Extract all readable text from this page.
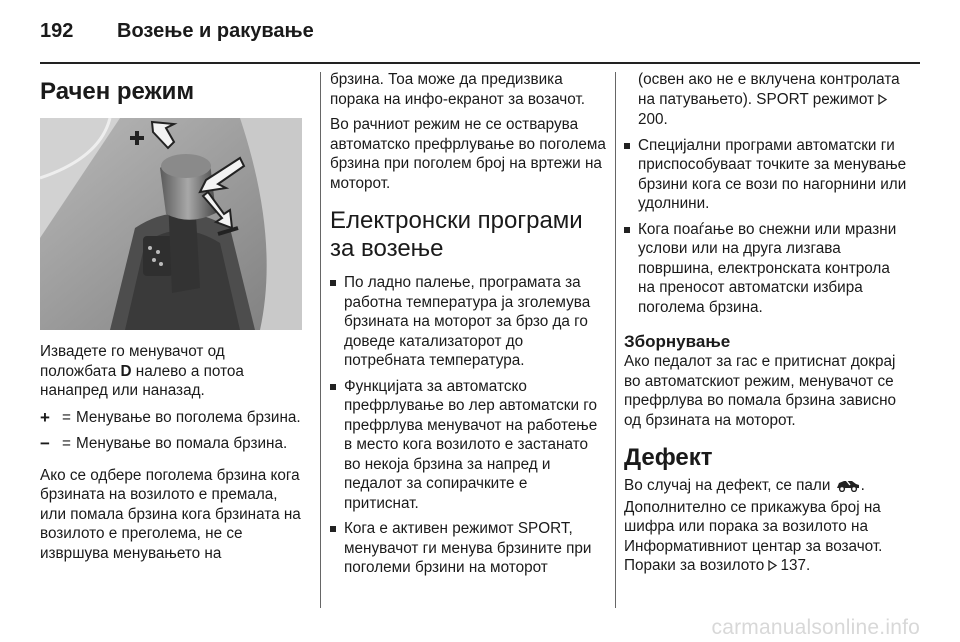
192 Возење и ракување
Рачен режим

Извадете го менувачот од положбата D налево а потоа нанапред или наназад.

+ = Менување во поголема брзина.
− = Менување во помала брзина.

Ако се одбере поголема брзина кога брзината на возилото е премала, или помала брзина кога брзината на возилото е преголема, не се извршува менувањето на

брзина. Тоа може да предизвика порака на инфо-екранот за возачот.

Во рачниот режим не се остварува автоматско префрлување во поголема брзина при поголем број на вртежи на моторот.

Електронски програми за возење
По ладно палење, програмата за работна температура ја зголемува брзината на моторот за брзо да го доведе катализаторот до потребната температура.
Функцијата за автоматско префрлување во лер автоматски го префрлува менувачот на работење в место кога возилото е застанато во некоја брзина за напред и педалот за сопирачките е притиснат.
Кога е активен режимот SPORT, менувачот ги менува брзините при поголеми брзини на моторот

(освен ако не е вклучена контролата на патувањето). SPORT режимот 200.

Специјални програми автоматски ги приспособуваат точките за менување брзини кога се вози по нагорнини или удолнини.
Кога поаѓање во снежни или мразни услови или на друга лизгава површина, електронската контрола на преносот автоматски избира поголема брзина.
Зборнување

Ако педалот за гас е притиснат докрај во автоматскиот режим, менувачот се префрлува во помала брзина зависно од брзината на моторот.

Дефект

Во случај на дефект, се пали . Дополнително се прикажува број на шифра или порака за возилото на Информативниот центар за возачот. Пораки за возилото 137.

carmanualsonline.info
